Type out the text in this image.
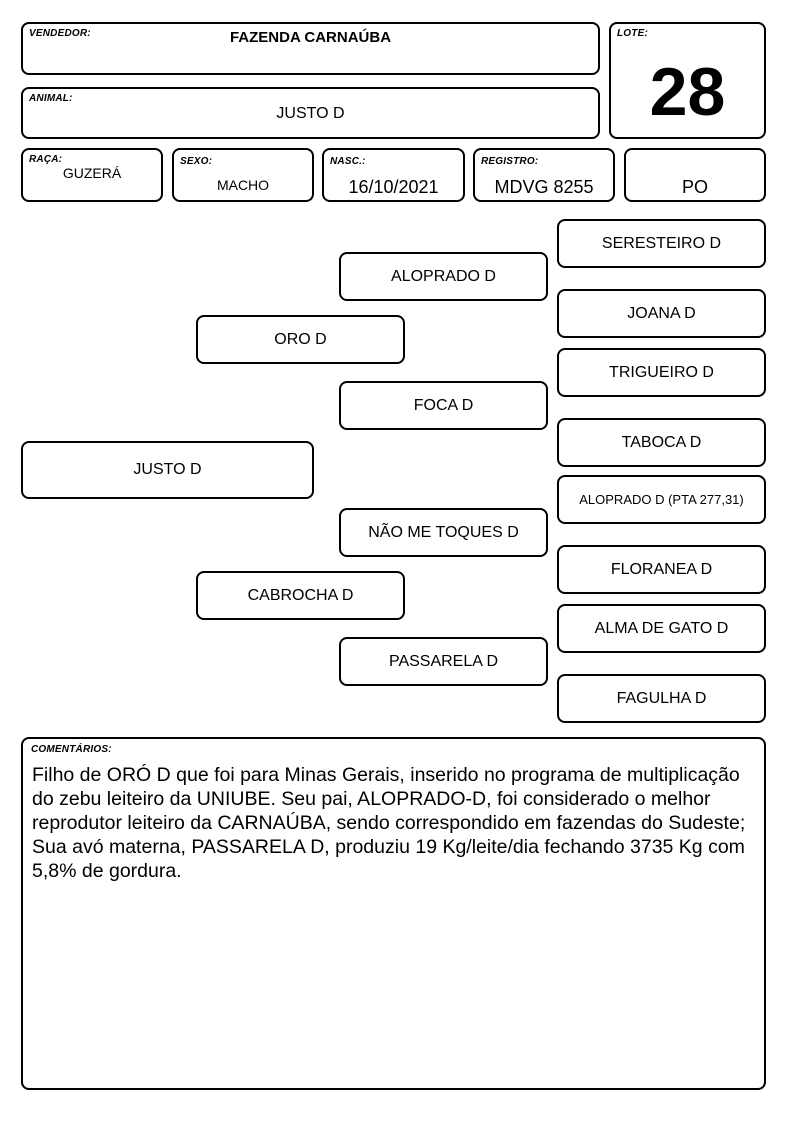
VENDEDOR:	FAZENDA CARNAÚBA	LOTE:
28
ANIMAL:
JUSTO D
RAÇA:
GUZERÁ
SEXO:
MACHO
NASC.:
16/10/2021
REGISTRO:
MDVG 8255	PO
JUSTO D
ORO D
CABROCHA D
ALOPRADO D
FOCA D
NÃO ME TOQUES D
PASSARELA D
SERESTEIRO D
JOANA D
TRIGUEIRO D
TABOCA D
ALOPRADO D (PTA 277,31)
FLORANEA D
ALMA DE GATO D
FAGULHA D
COMENTÁRIOS:
Filho de ORÓ D que foi para Minas Gerais, inserido no programa de multiplicação do zebu leiteiro da UNIUBE. Seu pai, ALOPRADO-D, foi considerado o melhor reprodutor leiteiro da CARNAÚBA, sendo correspondido em fazendas do Sudeste; Sua avó materna, PASSARELA D, produziu 19 Kg/leite/dia fechando 3735 Kg com 5,8% de gordura.
